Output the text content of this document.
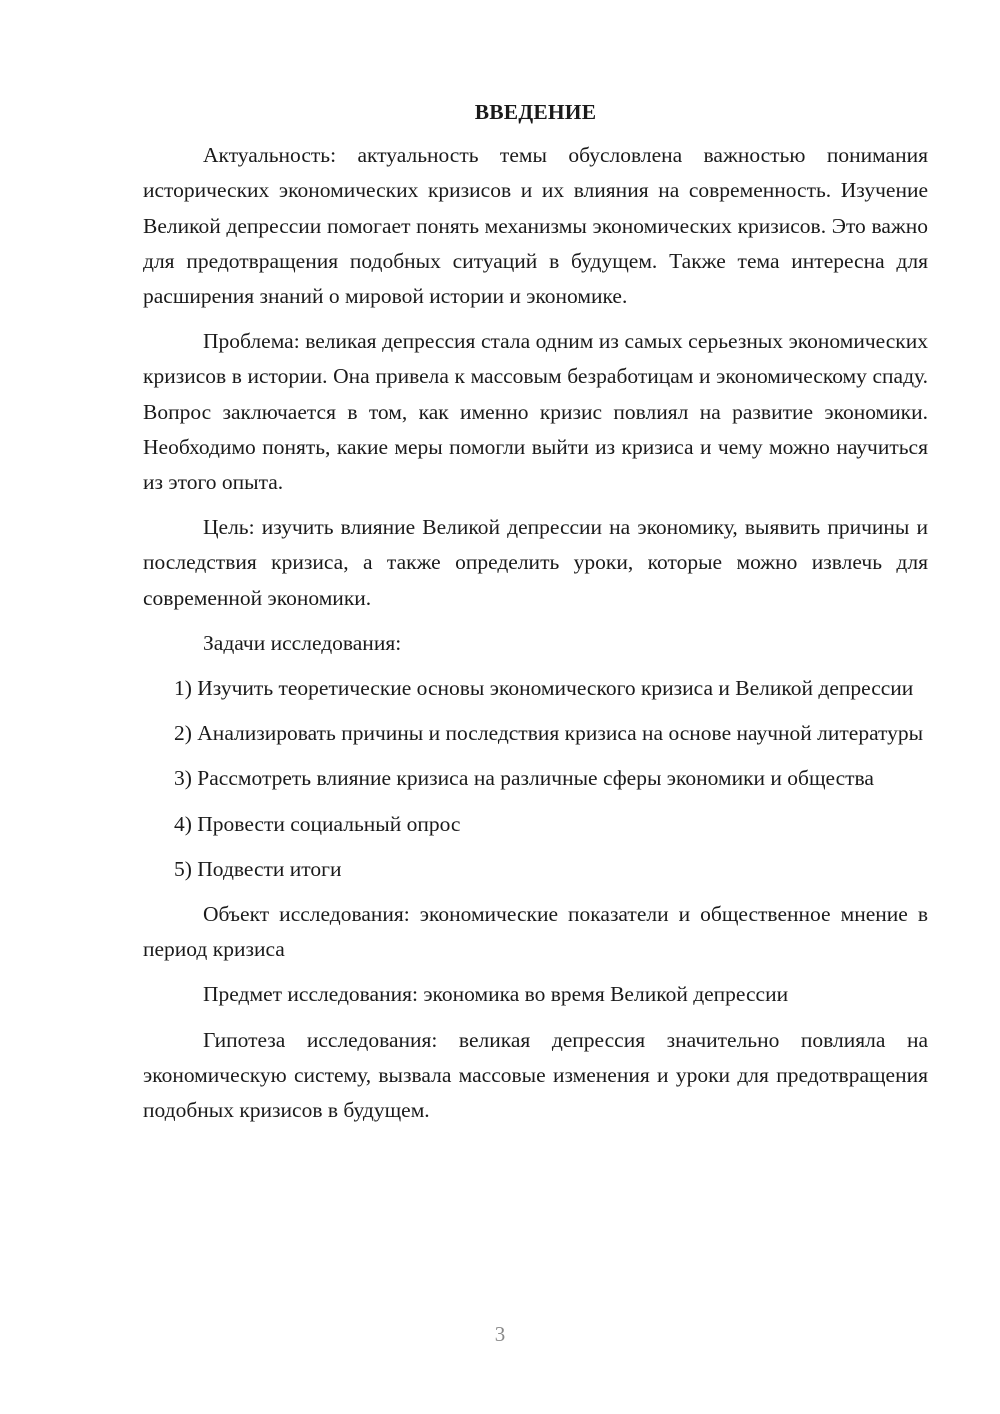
ВВЕДЕНИЕ

Актуальность: актуальность темы обусловлена важностью понимания исторических экономических кризисов и их влияния на современность. Изучение Великой депрессии помогает понять механизмы экономических кризисов. Это важно для предотвращения подобных ситуаций в будущем. Также тема интересна для расширения знаний о мировой истории и экономике.

Проблема: великая депрессия стала одним из самых серьезных экономических кризисов в истории. Она привела к массовым безработицам и экономическому спаду. Вопрос заключается в том, как именно кризис повлиял на развитие экономики. Необходимо понять, какие меры помогли выйти из кризиса и чему можно научиться из этого опыта.

Цель: изучить влияние Великой депрессии на экономику, выявить причины и последствия кризиса, а также определить уроки, которые можно извлечь для современной экономики.

Задачи исследования:

1) Изучить теоретические основы экономического кризиса и Великой депрессии

2) Анализировать причины и последствия кризиса на основе научной литературы

3) Рассмотреть влияние кризиса на различные сферы экономики и общества

4) Провести социальный опрос

5) Подвести итоги

Объект исследования: экономические показатели и общественное мнение в период кризиса

Предмет исследования: экономика во время Великой депрессии

Гипотеза исследования: великая депрессия значительно повлияла на экономическую систему, вызвала массовые изменения и уроки для предотвращения подобных кризисов в будущем.

3
